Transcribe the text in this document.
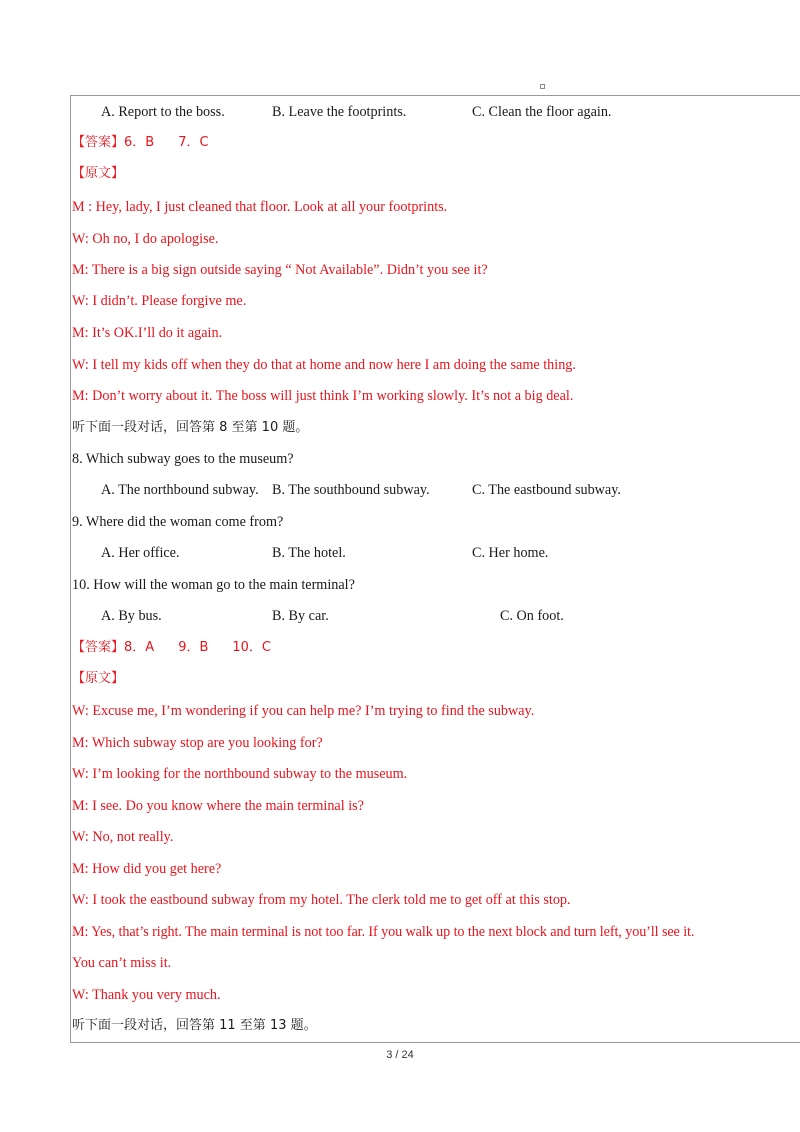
A. Report to the boss.	B. Leave the footprints.	C. Clean the floor again.
【答案】6．B 7．C
【原文】
M : Hey, lady, I just cleaned that floor. Look at all your footprints.
W: Oh no, I do apologise.
M: There is a big sign outside saying “ Not Available”. Didn’t you see it?
W: I didn’t. Please forgive me.
M: It’s OK.I’ll do it again.
W: I tell my kids off when they do that at home and now here I am doing the same thing.
M: Don’t worry about it. The boss will just think I’m working slowly. It’s not a big deal.
听下面一段对话，回答第 8 至第 10 题。
8. Which subway goes to the museum?
A. The northbound subway. B. The southbound subway.	C. The eastbound subway.
9. Where did the woman come from?
A. Her office.	B. The hotel.	C. Her home.
10. How will the woman go to the main terminal?
A. By bus.	B. By car.	C. On foot.
【答案】8．A 9．B 10．C
【原文】
W: Excuse me, I’m wondering if you can help me? I’m trying to find the subway.
M: Which subway stop are you looking for?
W: I’m looking for the northbound subway to the museum.
M: I see. Do you know where the main terminal is?
W: No, not really.
M: How did you get here?
W: I took the eastbound subway from my hotel. The clerk told me to get off at this stop.
M: Yes, that’s right. The main terminal is not too far. If you walk up to the next block and turn left, you’ll see it.
You can’t miss it.
W: Thank you very much.
听下面一段对话，回答第 11 至第 13 题。
3 / 24
